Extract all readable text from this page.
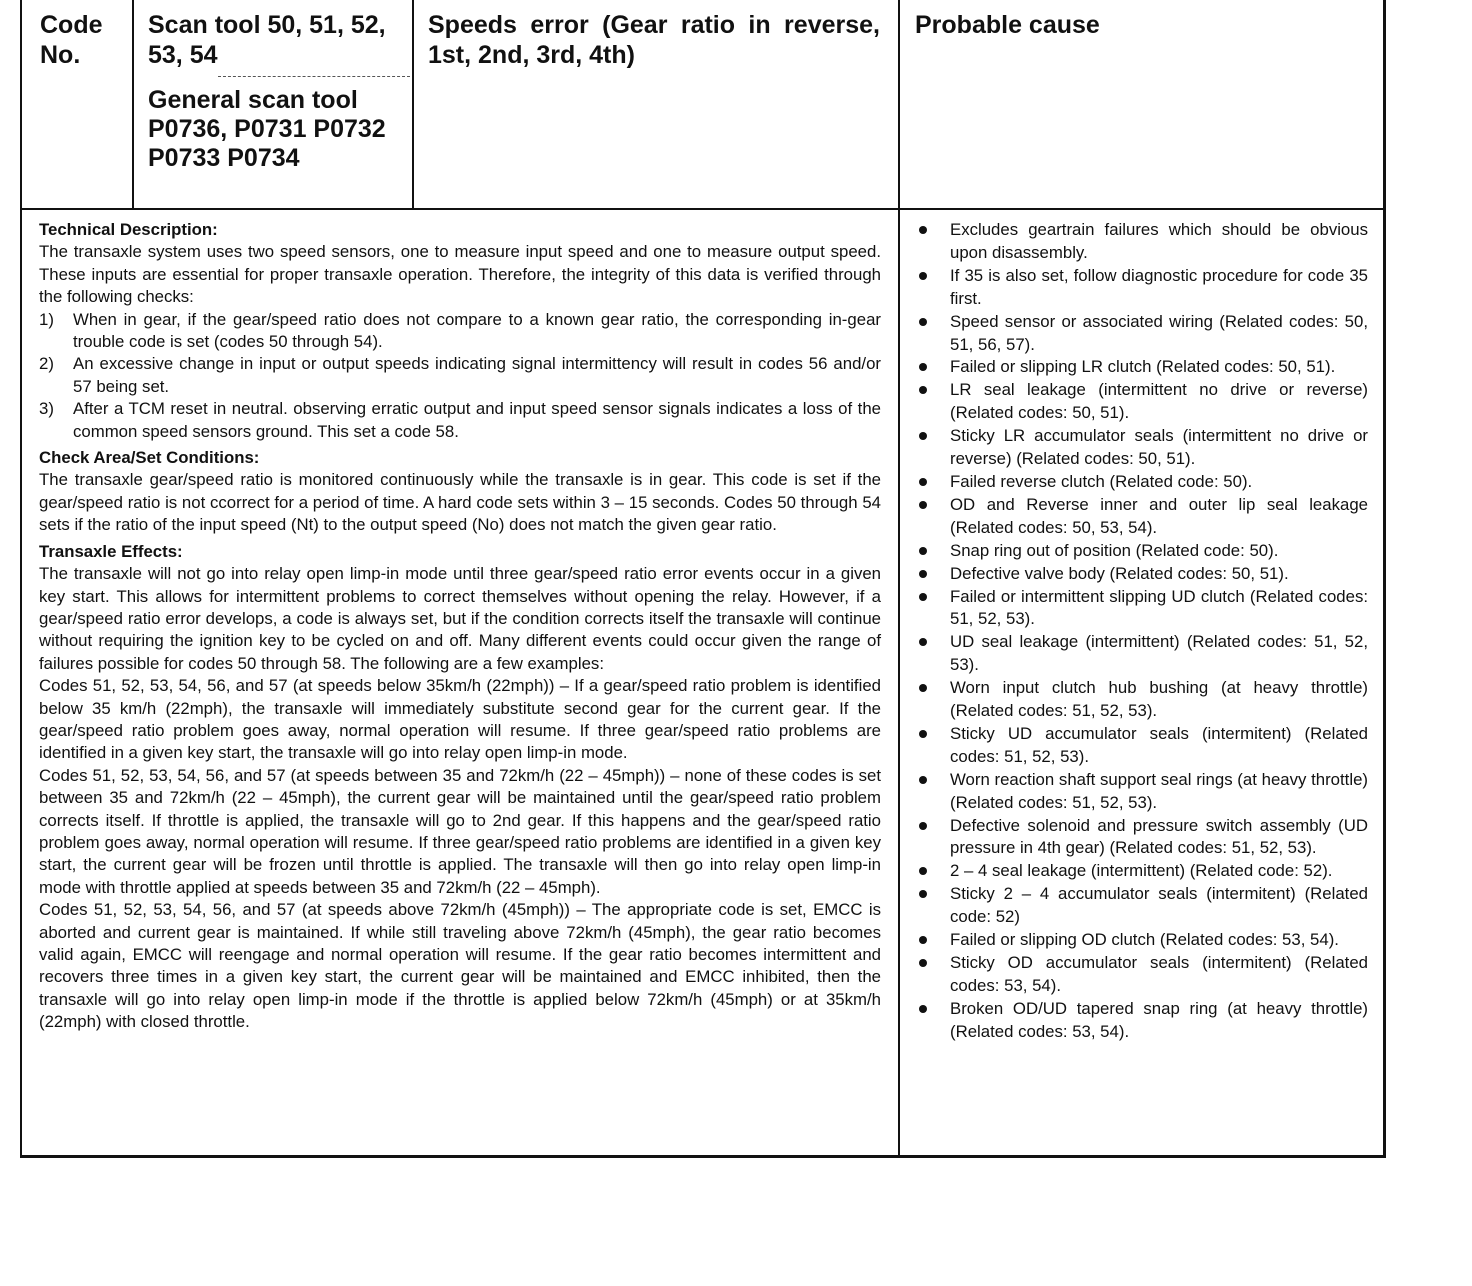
Code No.
Scan tool 50, 51, 52, 53, 54
General scan tool P0736, P0731 P0732 P0733 P0734
Speeds error (Gear ratio in reverse, 1st, 2nd, 3rd, 4th)
Probable cause
Technical Description:

The transaxle system uses two speed sensors, one to measure input speed and one to measure output speed. These inputs are essential for proper transaxle operation. Therefore, the integrity of this data is verified through the following checks:

1) When in gear, if the gear/speed ratio does not compare to a known gear ratio, the corresponding in-gear trouble code is set (codes 50 through 54).
2) An excessive change in input or output speeds indicating signal intermittency will result in codes 56 and/or 57 being set.
3) After a TCM reset in neutral. observing erratic output and input speed sensor signals indicates a loss of the common speed sensors ground. This set a code 58.
Check Area/Set Conditions:

The transaxle gear/speed ratio is monitored continuously while the transaxle is in gear. This code is set if the gear/speed ratio is not ccorrect for a period of time. A hard code sets within 3 – 15 seconds. Codes 50 through 54 sets if the ratio of the input speed (Nt) to the output speed (No) does not match the given gear ratio.

Transaxle Effects:

The transaxle will not go into relay open limp-in mode until three gear/speed ratio error events occur in a given key start. This allows for intermittent problems to correct themselves without opening the relay. However, if a gear/speed ratio error develops, a code is always set, but if the condition corrects itself the transaxle will continue without requiring the ignition key to be cycled on and off. Many different events could occur given the range of failures possible for codes 50 through 58. The following are a few examples:

Codes 51, 52, 53, 54, 56, and 57 (at speeds below 35km/h (22mph)) – If a gear/speed ratio problem is identified below 35 km/h (22mph), the transaxle will immediately substitute second gear for the current gear. If the gear/speed ratio problem goes away, normal operation will resume. If three gear/speed ratio problems are identified in a given key start, the transaxle will go into relay open limp-in mode.

Codes 51, 52, 53, 54, 56, and 57 (at speeds between 35 and 72km/h (22 – 45mph)) – none of these codes is set between 35 and 72km/h (22 – 45mph), the current gear will be maintained until the gear/speed ratio problem corrects itself. If throttle is applied, the transaxle will go to 2nd gear. If this happens and the gear/speed ratio problem goes away, normal operation will resume. If three gear/speed ratio problems are identified in a given key start, the current gear will be frozen until throttle is applied. The transaxle will then go into relay open limp-in mode with throttle applied at speeds between 35 and 72km/h (22 – 45mph).

Codes 51, 52, 53, 54, 56, and 57 (at speeds above 72km/h (45mph)) – The appropriate code is set, EMCC is aborted and current gear is maintained. If while still traveling above 72km/h (45mph), the gear ratio becomes valid again, EMCC will reengage and normal operation will resume. If the gear ratio becomes intermittent and recovers three times in a given key start, the current gear will be maintained and EMCC inhibited, then the transaxle will go into relay open limp-in mode if the throttle is applied below 72km/h (45mph) or at 35km/h (22mph) with closed throttle.

Excludes geartrain failures which should be obvious upon disassembly.
If 35 is also set, follow diagnostic procedure for code 35 first.
Speed sensor or associated wiring (Related codes: 50, 51, 56, 57).
Failed or slipping LR clutch (Related codes: 50, 51).
LR seal leakage (intermittent no drive or reverse) (Related codes: 50, 51).
Sticky LR accumulator seals (intermittent no drive or reverse) (Related codes: 50, 51).
Failed reverse clutch (Related code: 50).
OD and Reverse inner and outer lip seal leakage (Related codes: 50, 53, 54).
Snap ring out of position (Related code: 50).
Defective valve body (Related codes: 50, 51).
Failed or intermittent slipping UD clutch (Related codes: 51, 52, 53).
UD seal leakage (intermittent) (Related codes: 51, 52, 53).
Worn input clutch hub bushing (at heavy throttle) (Related codes: 51, 52, 53).
Sticky UD accumulator seals (intermitent) (Related codes: 51, 52, 53).
Worn reaction shaft support seal rings (at heavy throttle) (Related codes: 51, 52, 53).
Defective solenoid and pressure switch assembly (UD pressure in 4th gear) (Related codes: 51, 52, 53).
2 – 4 seal leakage (intermittent) (Related code: 52).
Sticky 2 – 4 accumulator seals (intermitent) (Related code: 52)
Failed or slipping OD clutch (Related codes: 53, 54).
Sticky OD accumulator seals (intermitent) (Related codes: 53, 54).
Broken OD/UD tapered snap ring (at heavy throttle) (Related codes: 53, 54).
